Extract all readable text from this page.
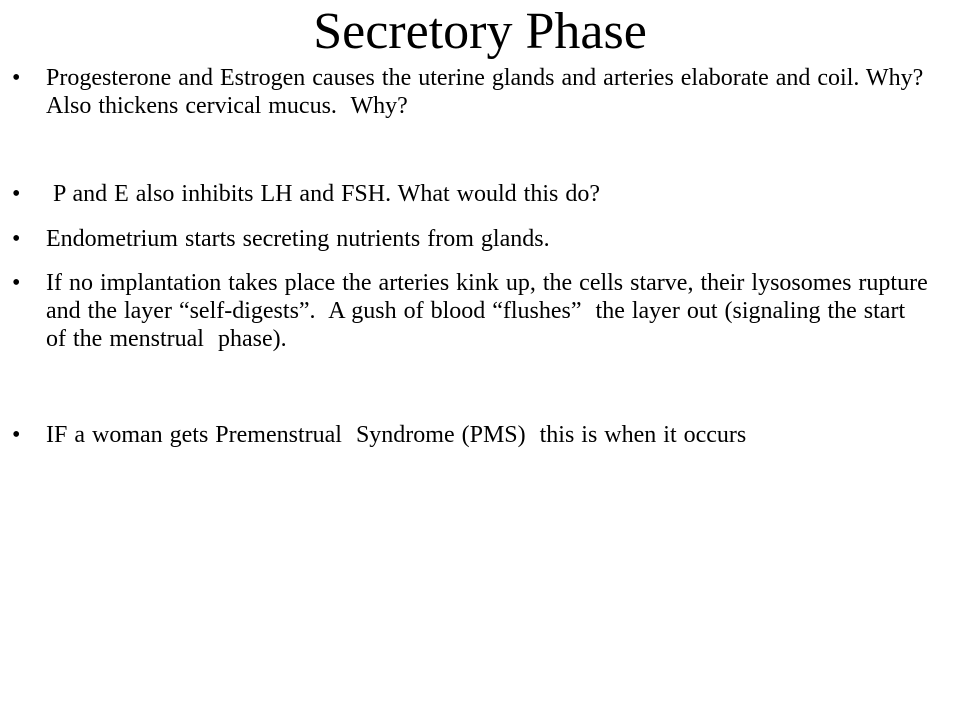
Secretory Phase
•	Progesterone and Estrogen causes the uterine glands and arteries elaborate and coil. Why?  Also thickens cervical mucus.  Why?
•	P and E also inhibits LH and FSH. What would this do?
•	Endometrium starts secreting nutrients from glands.
•	If no implantation takes place the arteries kink up, the cells starve, their lysosomes rupture and the layer “self-digests”.  A gush of blood “flushes”  the layer out (signaling the start of the menstrual  phase).
•	IF a woman gets Premenstrual  Syndrome (PMS)  this is when it occurs
